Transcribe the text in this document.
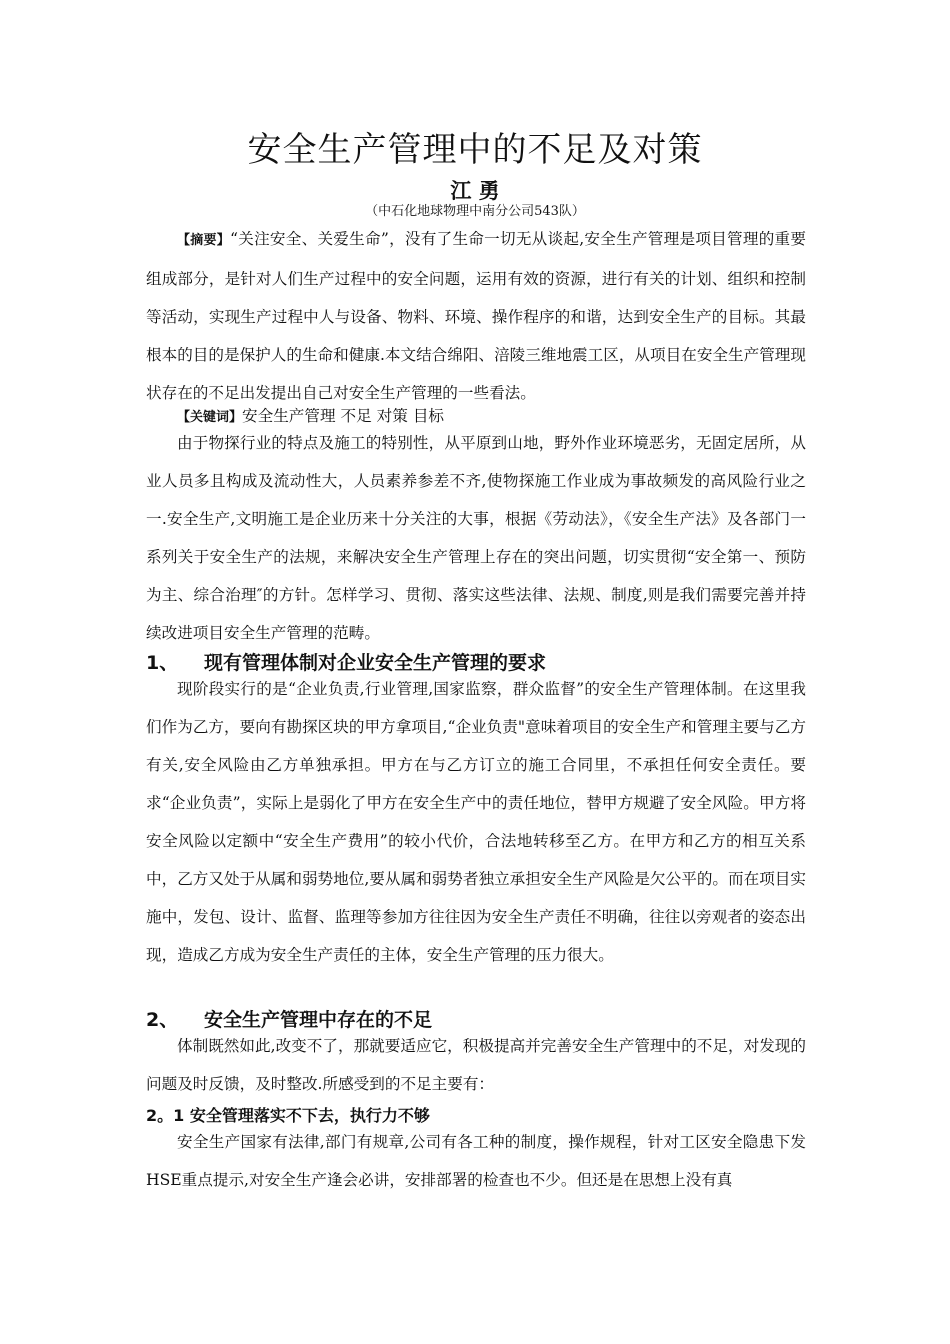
安全生产管理中的不足及对策
江 勇
（中石化地球物理中南分公司543队）

【摘要】“关注安全、关爱生命”，没有了生命一切无从谈起,安全生产管理是项目管理的重要组成部分，是针对人们生产过程中的安全问题，运用有效的资源，进行有关的计划、组织和控制等活动，实现生产过程中人与设备、物料、环境、操作程序的和谐，达到安全生产的目标。其最根本的目的是保护人的生命和健康.本文结合绵阳、涪陵三维地震工区，从项目在安全生产管理现状存在的不足出发提出自己对安全生产管理的一些看法。

【关键词】安全生产管理 不足 对策 目标

由于物探行业的特点及施工的特别性，从平原到山地，野外作业环境恶劣，无固定居所，从业人员多且构成及流动性大，人员素养参差不齐,使物探施工作业成为事故频发的高风险行业之一.安全生产,文明施工是企业历来十分关注的大事，根据《劳动法》，《安全生产法》及各部门一系列关于安全生产的法规，来解决安全生产管理上存在的突出问题，切实贯彻“安全第一、预防为主、综合治理″的方针。怎样学习、贯彻、落实这些法律、法规、制度,则是我们需要完善并持续改进项目安全生产管理的范畴。

1、 现有管理体制对企业安全生产管理的要求

现阶段实行的是“企业负责,行业管理,国家监察，群众监督”的安全生产管理体制。在这里我们作为乙方，要向有勘探区块的甲方拿项目,“企业负责"意味着项目的安全生产和管理主要与乙方有关,安全风险由乙方单独承担。甲方在与乙方订立的施工合同里，不承担任何安全责任。要求“企业负责”，实际上是弱化了甲方在安全生产中的责任地位，替甲方规避了安全风险。甲方将安全风险以定额中“安全生产费用”的较小代价，合法地转移至乙方。在甲方和乙方的相互关系中，乙方又处于从属和弱势地位,要从属和弱势者独立承担安全生产风险是欠公平的。而在项目实施中，发包、设计、监督、监理等参加方往往因为安全生产责任不明确，往往以旁观者的姿态出现，造成乙方成为安全生产责任的主体，安全生产管理的压力很大。

2、 安全生产管理中存在的不足

体制既然如此,改变不了，那就要适应它，积极提高并完善安全生产管理中的不足，对发现的问题及时反馈，及时整改.所感受到的不足主要有：

2。1 安全管理落实不下去，执行力不够

安全生产国家有法律,部门有规章,公司有各工种的制度，操作规程，针对工区安全隐患下发HSE重点提示,对安全生产逢会必讲，安排部署的检查也不少。但还是在思想上没有真
